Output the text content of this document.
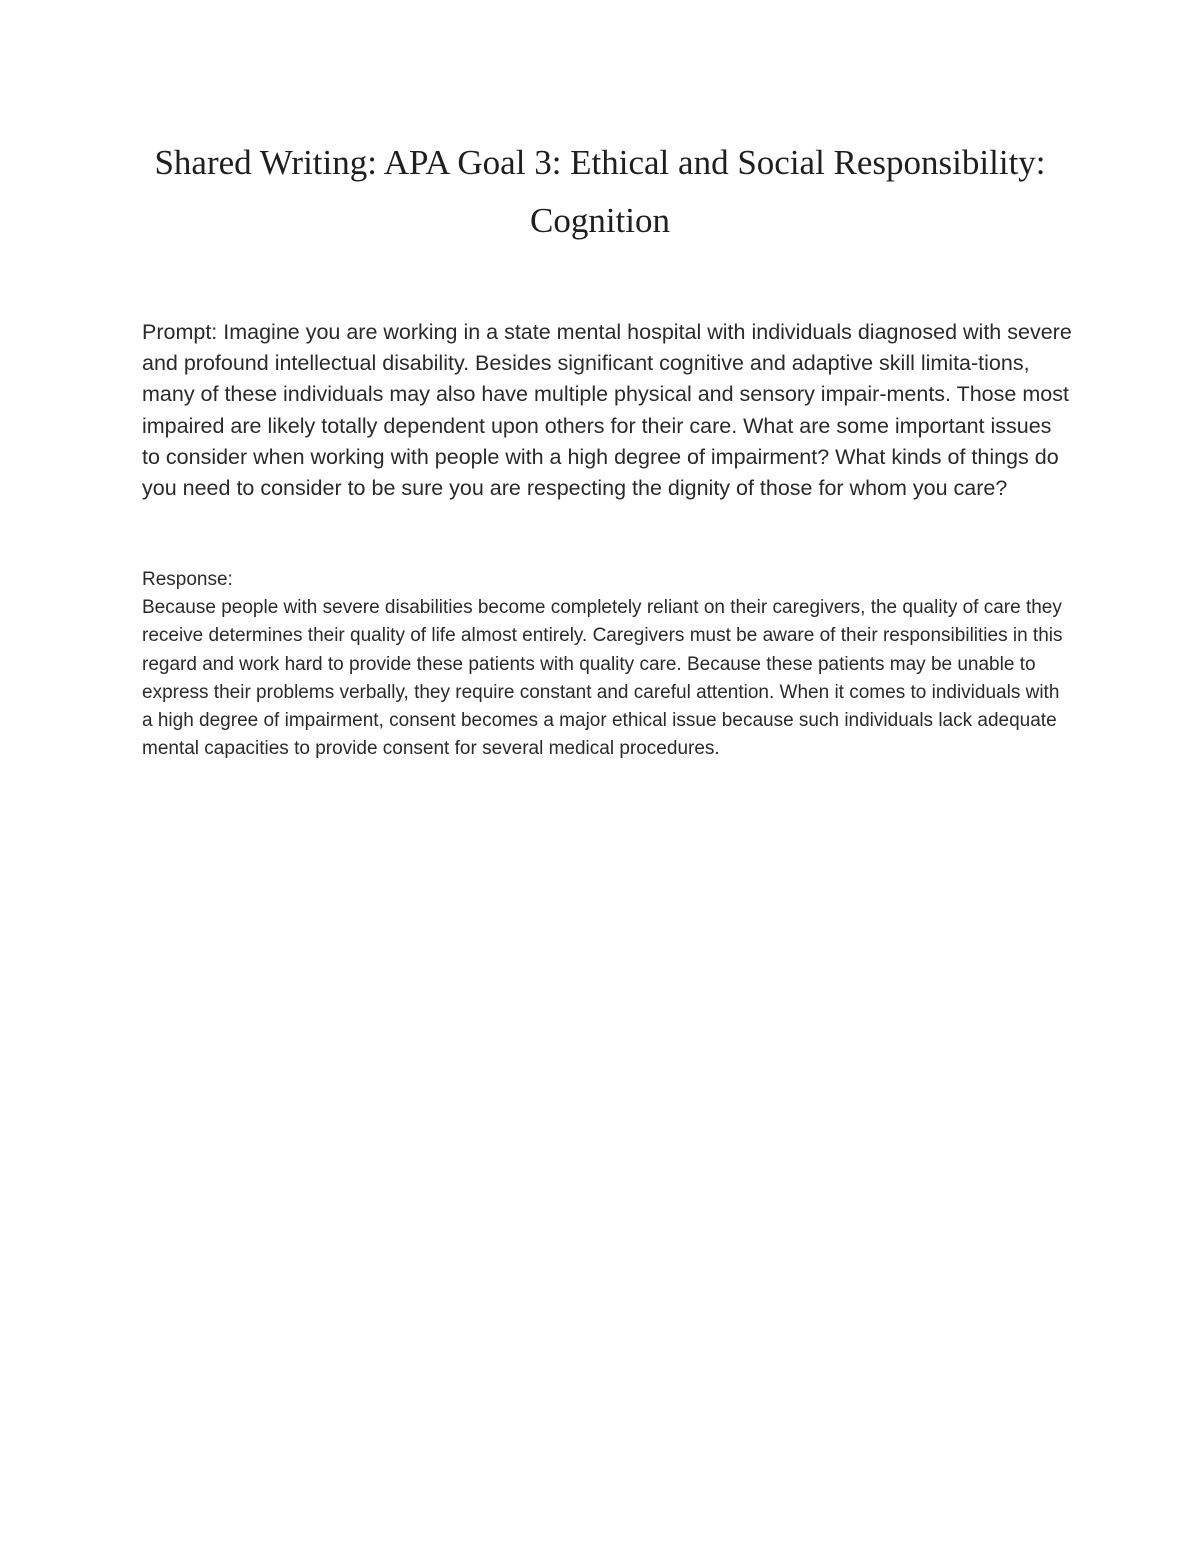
Shared Writing: APA Goal 3: Ethical and Social Responsibility:
Cognition

Prompt: Imagine you are working in a state mental hospital with individuals diagnosed with severe and profound intellectual disability. Besides significant cognitive and adaptive skill limita-tions, many of these individuals may also have multiple physical and sensory impair-ments. Those most impaired are likely totally dependent upon others for their care. What are some important issues to consider when working with people with a high degree of impairment? What kinds of things do you need to consider to be sure you are respecting the dignity of those for whom you care?

Response:

Because people with severe disabilities become completely reliant on their caregivers, the quality of care they receive determines their quality of life almost entirely. Caregivers must be aware of their responsibilities in this regard and work hard to provide these patients with quality care. Because these patients may be unable to express their problems verbally, they require constant and careful attention. When it comes to individuals with a high degree of impairment, consent becomes a major ethical issue because such individuals lack adequate mental capacities to provide consent for several medical procedures.
